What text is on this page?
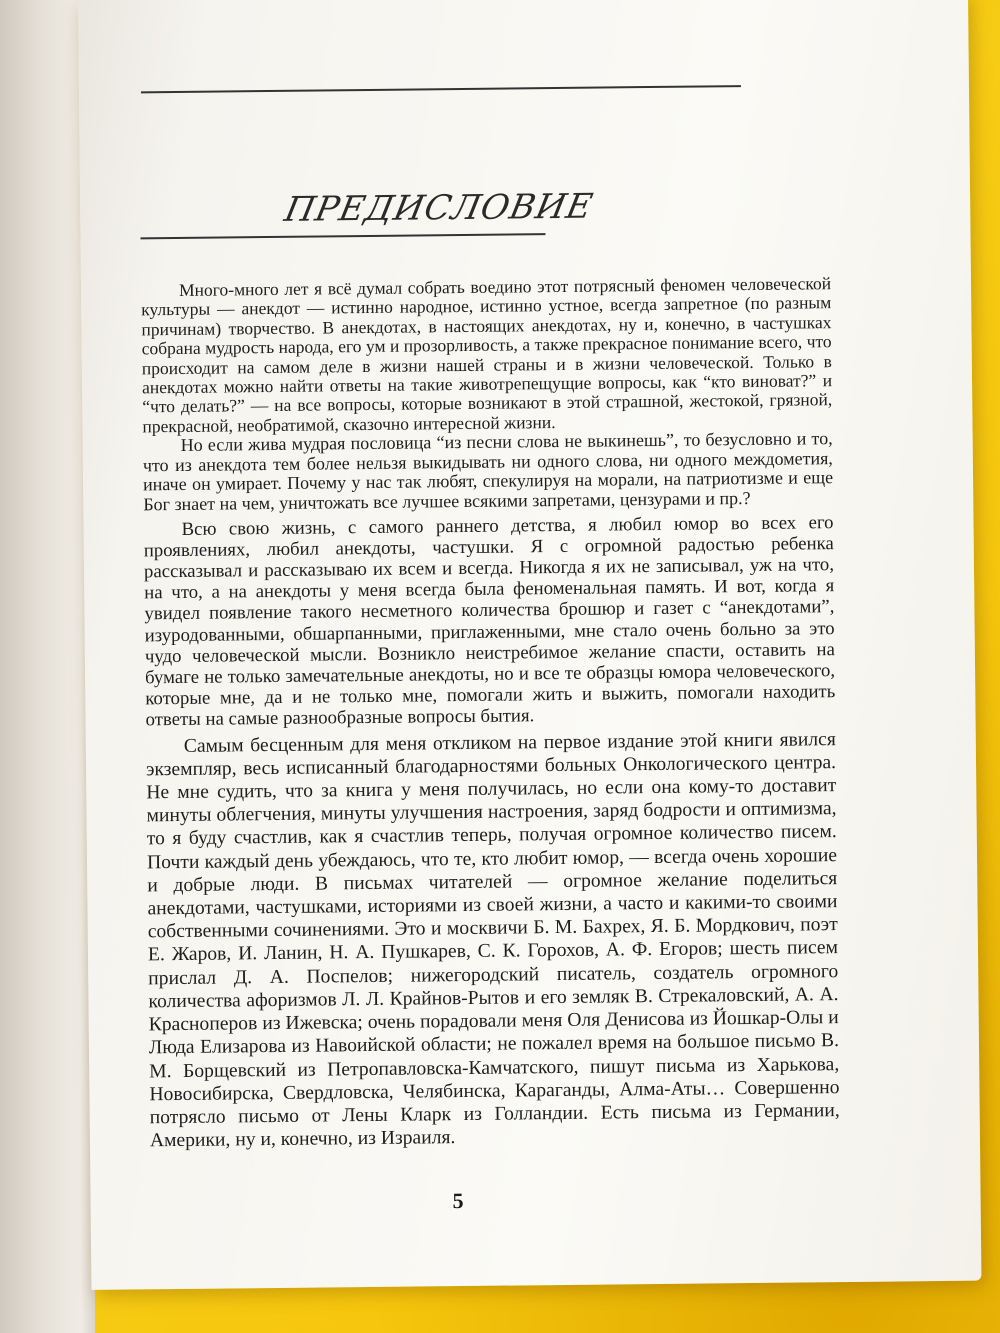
ПРЕДИСЛОВИЕ

Много-много лет я всё думал собрать воедино этот потрясный феномен человеческой культуры — анекдот — истинно народное, истинно устное, всегда запретное (по разным причинам) творчество. В анекдотах, в настоящих анекдотах, ну и, конечно, в частушках собрана мудрость народа, его ум и прозорливость, а также прекрасное понимание всего, что происходит на самом деле в жизни нашей страны и в жизни человеческой. Только в анекдотах можно найти ответы на такие животрепещущие вопросы, как “кто виноват?” и “что делать?” — на все вопросы, которые возникают в этой страшной, жестокой, грязной, прекрасной, необратимой, сказочно интересной жизни.

Но если жива мудрая пословица “из песни слова не выкинешь”, то безусловно и то, что из анекдота тем более нельзя выкидывать ни одного слова, ни одного междометия, иначе он умирает. Почему у нас так любят, спекулируя на морали, на патриотизме и еще Бог знает на чем, уничтожать все лучшее всякими запретами, цензурами и пр.?

Всю свою жизнь, с самого раннего детства, я любил юмор во всех его проявлениях, любил анекдоты, частушки. Я с огромной радостью ребенка рассказывал и рассказываю их всем и всегда. Никогда я их не записывал, уж на что, на что, а на анекдоты у меня всегда была феноменальная память. И вот, когда я увидел появление такого несметного количества брошюр и газет с “анекдотами”, изуродованными, обшарпанными, приглаженными, мне стало очень больно за это чудо человеческой мысли. Возникло неистребимое желание спасти, оставить на бумаге не только замечательные анекдоты, но и все те образцы юмора человеческого, которые мне, да и не только мне, помогали жить и выжить, помогали находить ответы на самые разнообразные вопросы бытия.

Самым бесценным для меня откликом на первое издание этой книги явился экземпляр, весь исписанный благодарностями больных Онкологического центра. Не мне судить, что за книга у меня получилась, но если она кому-то доставит минуты облегчения, минуты улучшения настроения, заряд бодрости и оптимизма, то я буду счастлив, как я счастлив теперь, получая огромное количество писем. Почти каждый день убеждаюсь, что те, кто любит юмор, — всегда очень хорошие и добрые люди. В письмах читателей — огромное желание поделиться анекдотами, частушками, историями из своей жизни, а часто и какими-то своими собственными сочинениями. Это и москвичи Б. М. Бахрех, Я. Б. Мордкович, поэт Е. Жаров, И. Ланин, Н. А. Пушкарев, С. К. Горохов, А. Ф. Егоров; шесть писем прислал Д. А. Поспелов; нижегородский писатель, создатель огромного количества афоризмов Л. Л. Крайнов-Рытов и его земляк В. Стрекаловский, А. А. Красноперов из Ижевска; очень порадовали меня Оля Денисова из Йошкар-Олы и Люда Елизарова из Навоийской области; не пожалел время на большое письмо В. М. Борщевский из Петропавловска-Камчатского, пишут письма из Харькова, Новосибирска, Свердловска, Челябинска, Караганды, Алма-Аты… Совершенно потрясло письмо от Лены Кларк из Голландии. Есть письма из Германии, Америки, ну и, конечно, из Израиля.

5
